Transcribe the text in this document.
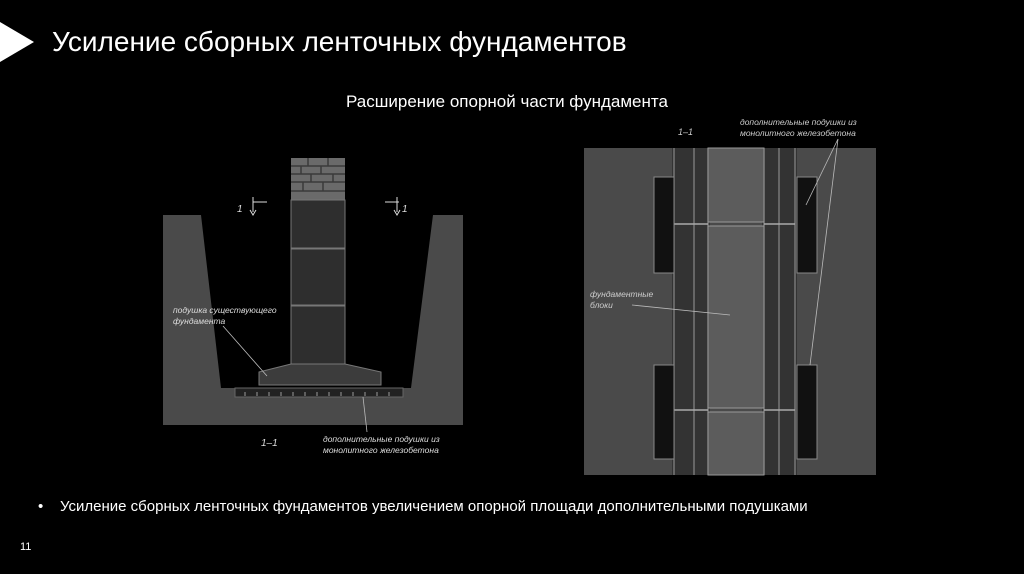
Усиление сборных ленточных фундаментов
Расширение опорной части фундамента
1	1
подушка существующего
фундамента
1–1	дополнительные подушки из
монолитного железобетона
1–1
дополнительные подушки из
монолитного железобетона
фундаментные
блоки
• Усиление сборных ленточных фундаментов увеличением опорной площади дополнительными подушками
11
